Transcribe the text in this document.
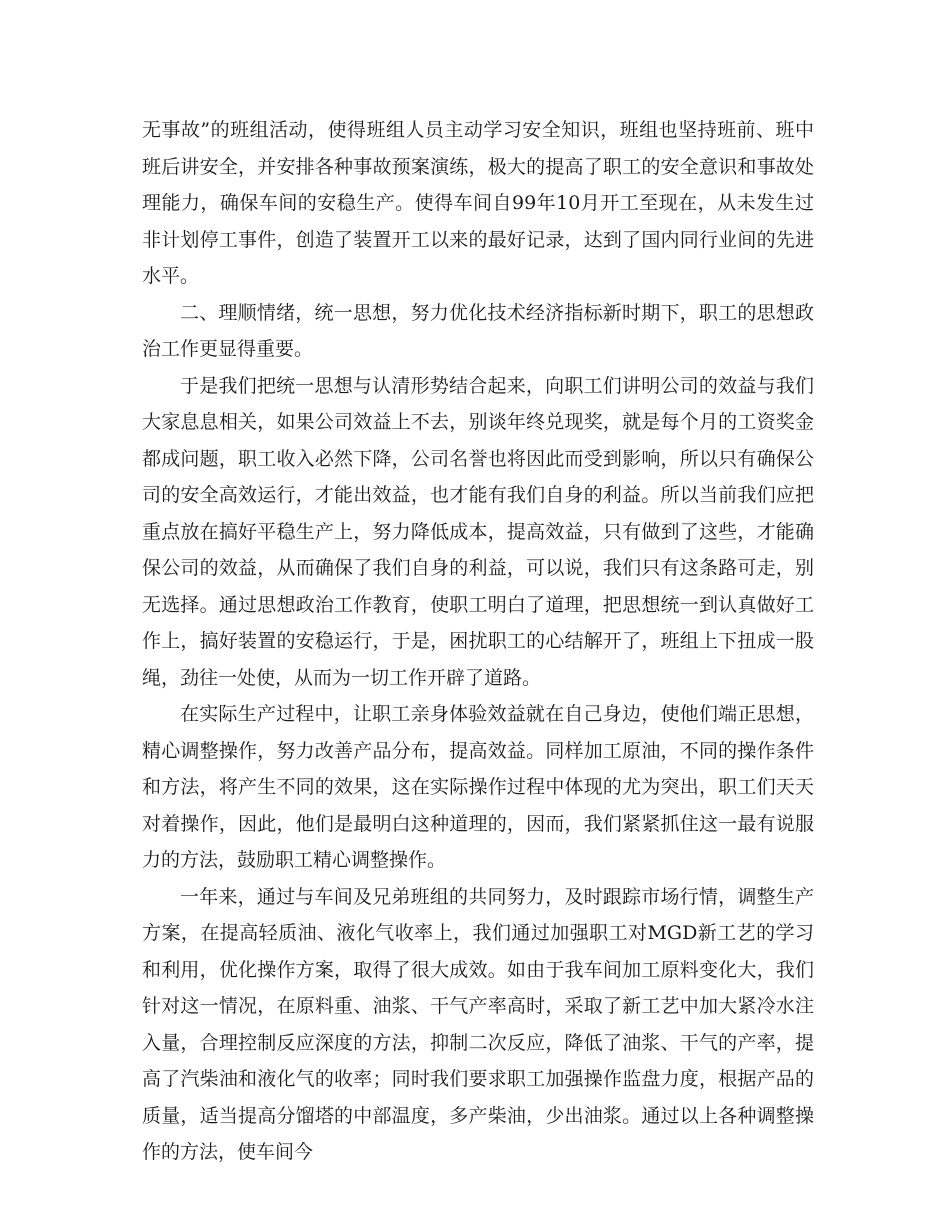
无事故”的班组活动，使得班组人员主动学习安全知识，班组也坚持班前、班中班后讲安全，并安排各种事故预案演练，极大的提高了职工的安全意识和事故处理能力，确保车间的安稳生产。使得车间自99年10月开工至现在，从未发生过非计划停工事件，创造了装置开工以来的最好记录，达到了国内同行业间的先进水平。

二、理顺情绪，统一思想，努力优化技术经济指标新时期下，职工的思想政治工作更显得重要。

于是我们把统一思想与认清形势结合起来，向职工们讲明公司的效益与我们大家息息相关，如果公司效益上不去，别谈年终兑现奖，就是每个月的工资奖金都成问题，职工收入必然下降，公司名誉也将因此而受到影响，所以只有确保公司的安全高效运行，才能出效益，也才能有我们自身的利益。所以当前我们应把重点放在搞好平稳生产上，努力降低成本，提高效益，只有做到了这些，才能确保公司的效益，从而确保了我们自身的利益，可以说，我们只有这条路可走，别无选择。通过思想政治工作教育，使职工明白了道理，把思想统一到认真做好工作上，搞好装置的安稳运行，于是，困扰职工的心结解开了，班组上下扭成一股绳，劲往一处使，从而为一切工作开辟了道路。

在实际生产过程中，让职工亲身体验效益就在自己身边，使他们端正思想，精心调整操作，努力改善产品分布，提高效益。同样加工原油，不同的操作条件和方法，将产生不同的效果，这在实际操作过程中体现的尤为突出，职工们天天对着操作，因此，他们是最明白这种道理的，因而，我们紧紧抓住这一最有说服力的方法，鼓励职工精心调整操作。

一年来，通过与车间及兄弟班组的共同努力，及时跟踪市场行情，调整生产方案，在提高轻质油、液化气收率上，我们通过加强职工对MGD新工艺的学习和利用，优化操作方案，取得了很大成效。如由于我车间加工原料变化大，我们针对这一情况，在原料重、油浆、干气产率高时，采取了新工艺中加大紧冷水注入量，合理控制反应深度的方法，抑制二次反应，降低了油浆、干气的产率，提高了汽柴油和液化气的收率；同时我们要求职工加强操作监盘力度，根据产品的质量，适当提高分馏塔的中部温度，多产柴油，少出油浆。通过以上各种调整操作的方法，使车间今
